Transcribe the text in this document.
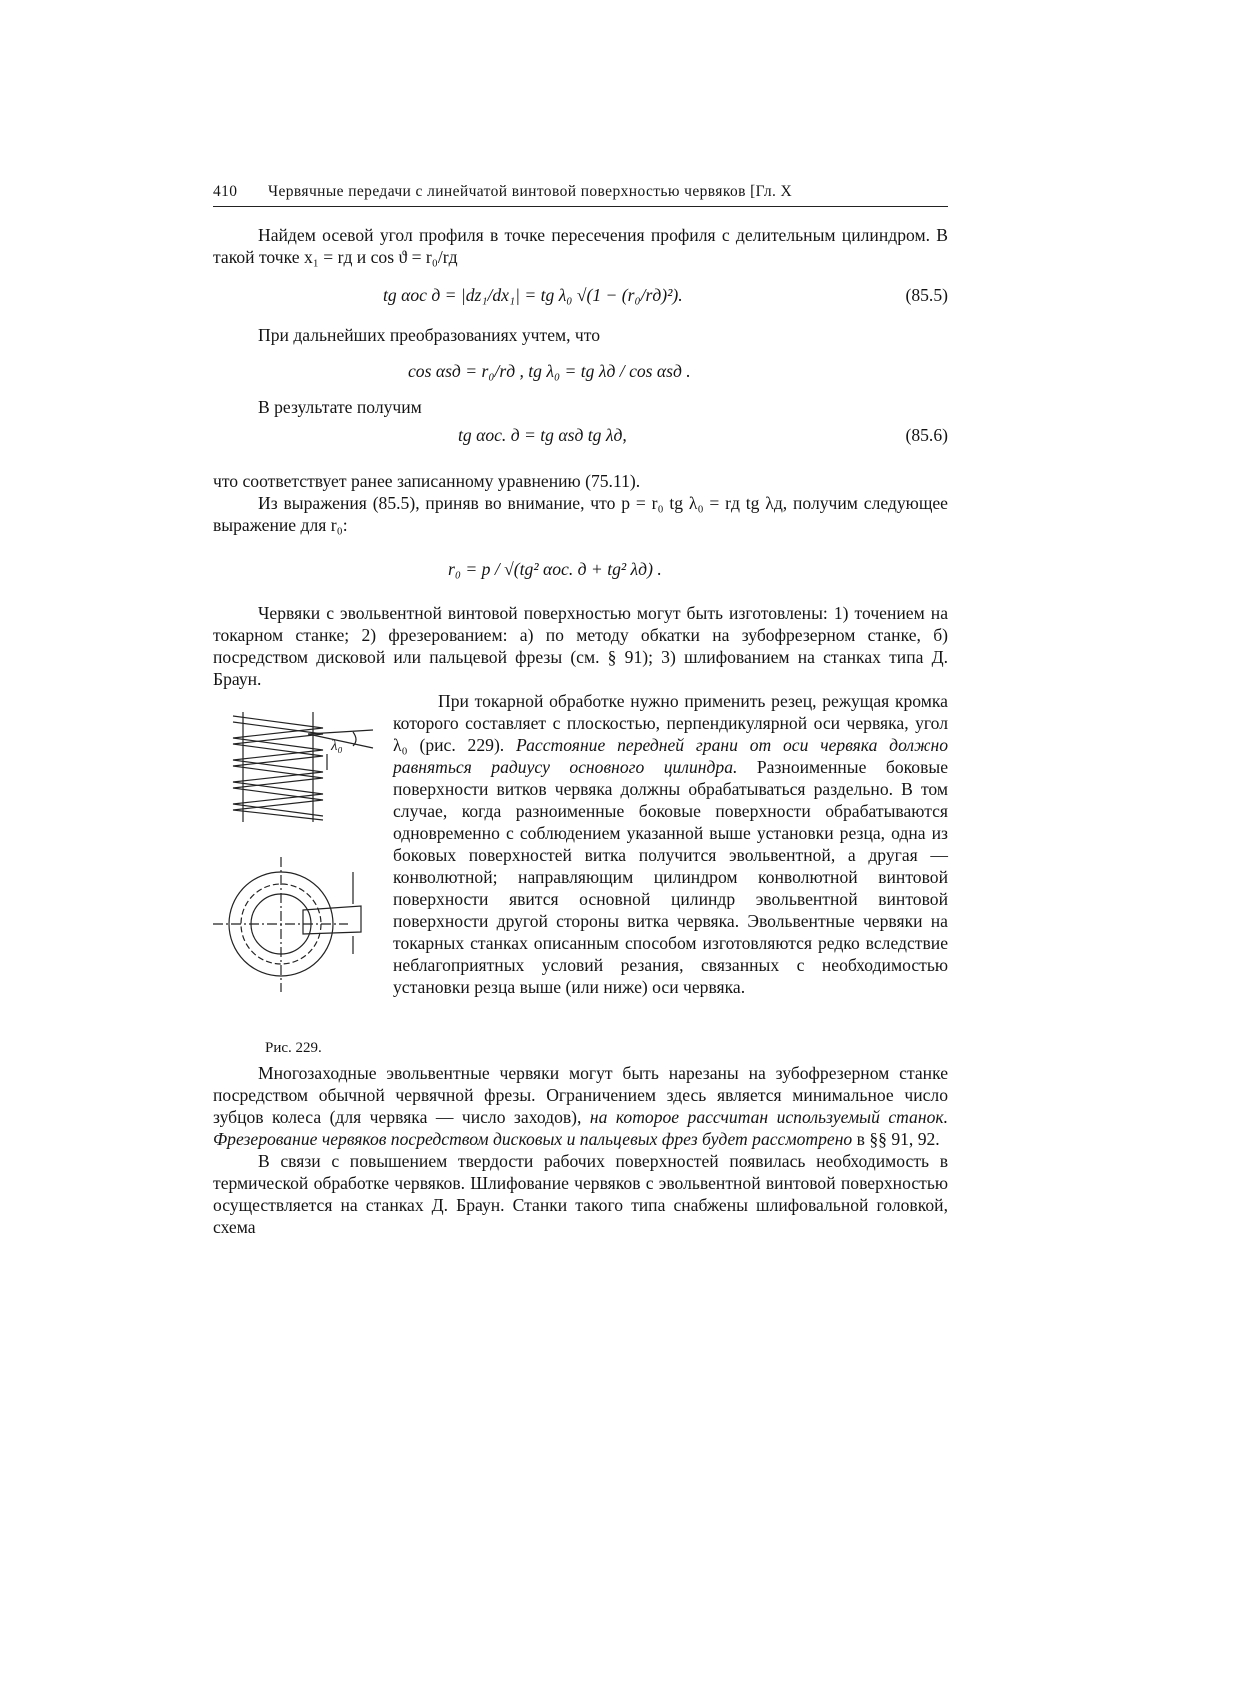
410 Червячные передачи с линейчатой винтовой поверхностью червяков [Гл. X

Найдем осевой угол профиля в точке пересечения профиля с делительным цилиндром. В такой точке x₁ = rд и cos ϑ = r₀/rд

tg αос д = |dz₁/dx₁| = tg λ₀ √(1 − (r₀/rд)²).	(85.5)

При дальнейших преобразованиях учтем, что

cos αsд = r₀/rд , tg λ₀ = tg λд / cos αsд .

В результате получим

tg αос. д = tg αsд tg λд,	(85.6)

что соответствует ранее записанному уравнению (75.11).

Из выражения (85.5), приняв во внимание, что p = r₀ tg λ₀ = rд tg λд, получим следующее выражение для r₀:

r₀ = p / √(tg² αос. д + tg² λд) .

Червяки с эвольвентной винтовой поверхностью могут быть изготовлены: 1) точением на токарном станке; 2) фрезерованием: а) по методу обкатки на зубофрезерном станке, б) посредством дисковой или пальцевой фрезы (см. § 91); 3) шлифованием на станках типа Д. Браун.

λ₀
Рис. 229.

При токарной обработке нужно применить резец, режущая кромка которого составляет с плоскостью, перпендикулярной оси червяка, угол λ₀ (рис. 229). Расстояние передней грани от оси червяка должно равняться радиусу основного цилиндра. Разноименные боковые поверхности витков червяка должны обрабатываться раздельно. В том случае, когда разноименные боковые поверхности обрабатываются одновременно с соблюдением указанной выше установки резца, одна из боковых поверхностей витка получится эвольвентной, а другая — конволютной; направляющим цилиндром конволютной винтовой поверхности явится основной цилиндр эвольвентной винтовой поверхности другой стороны витка червяка. Эвольвентные червяки на токарных станках описанным способом изготовляются редко вследствие неблагоприятных условий резания, связанных с необходимостью установки резца выше (или ниже) оси червяка.

Многозаходные эвольвентные червяки могут быть нарезаны на зубофрезерном станке посредством обычной червячной фрезы. Ограничением здесь является минимальное число зубцов колеса (для червяка — число заходов), на которое рассчитан используемый станок. Фрезерование червяков посредством дисковых и пальцевых фрез будет рассмотрено в §§ 91, 92.

В связи с повышением твердости рабочих поверхностей появилась необходимость в термической обработке червяков. Шлифование червяков с эвольвентной винтовой поверхностью осуществляется на станках Д. Браун. Станки такого типа снабжены шлифовальной головкой, схема
